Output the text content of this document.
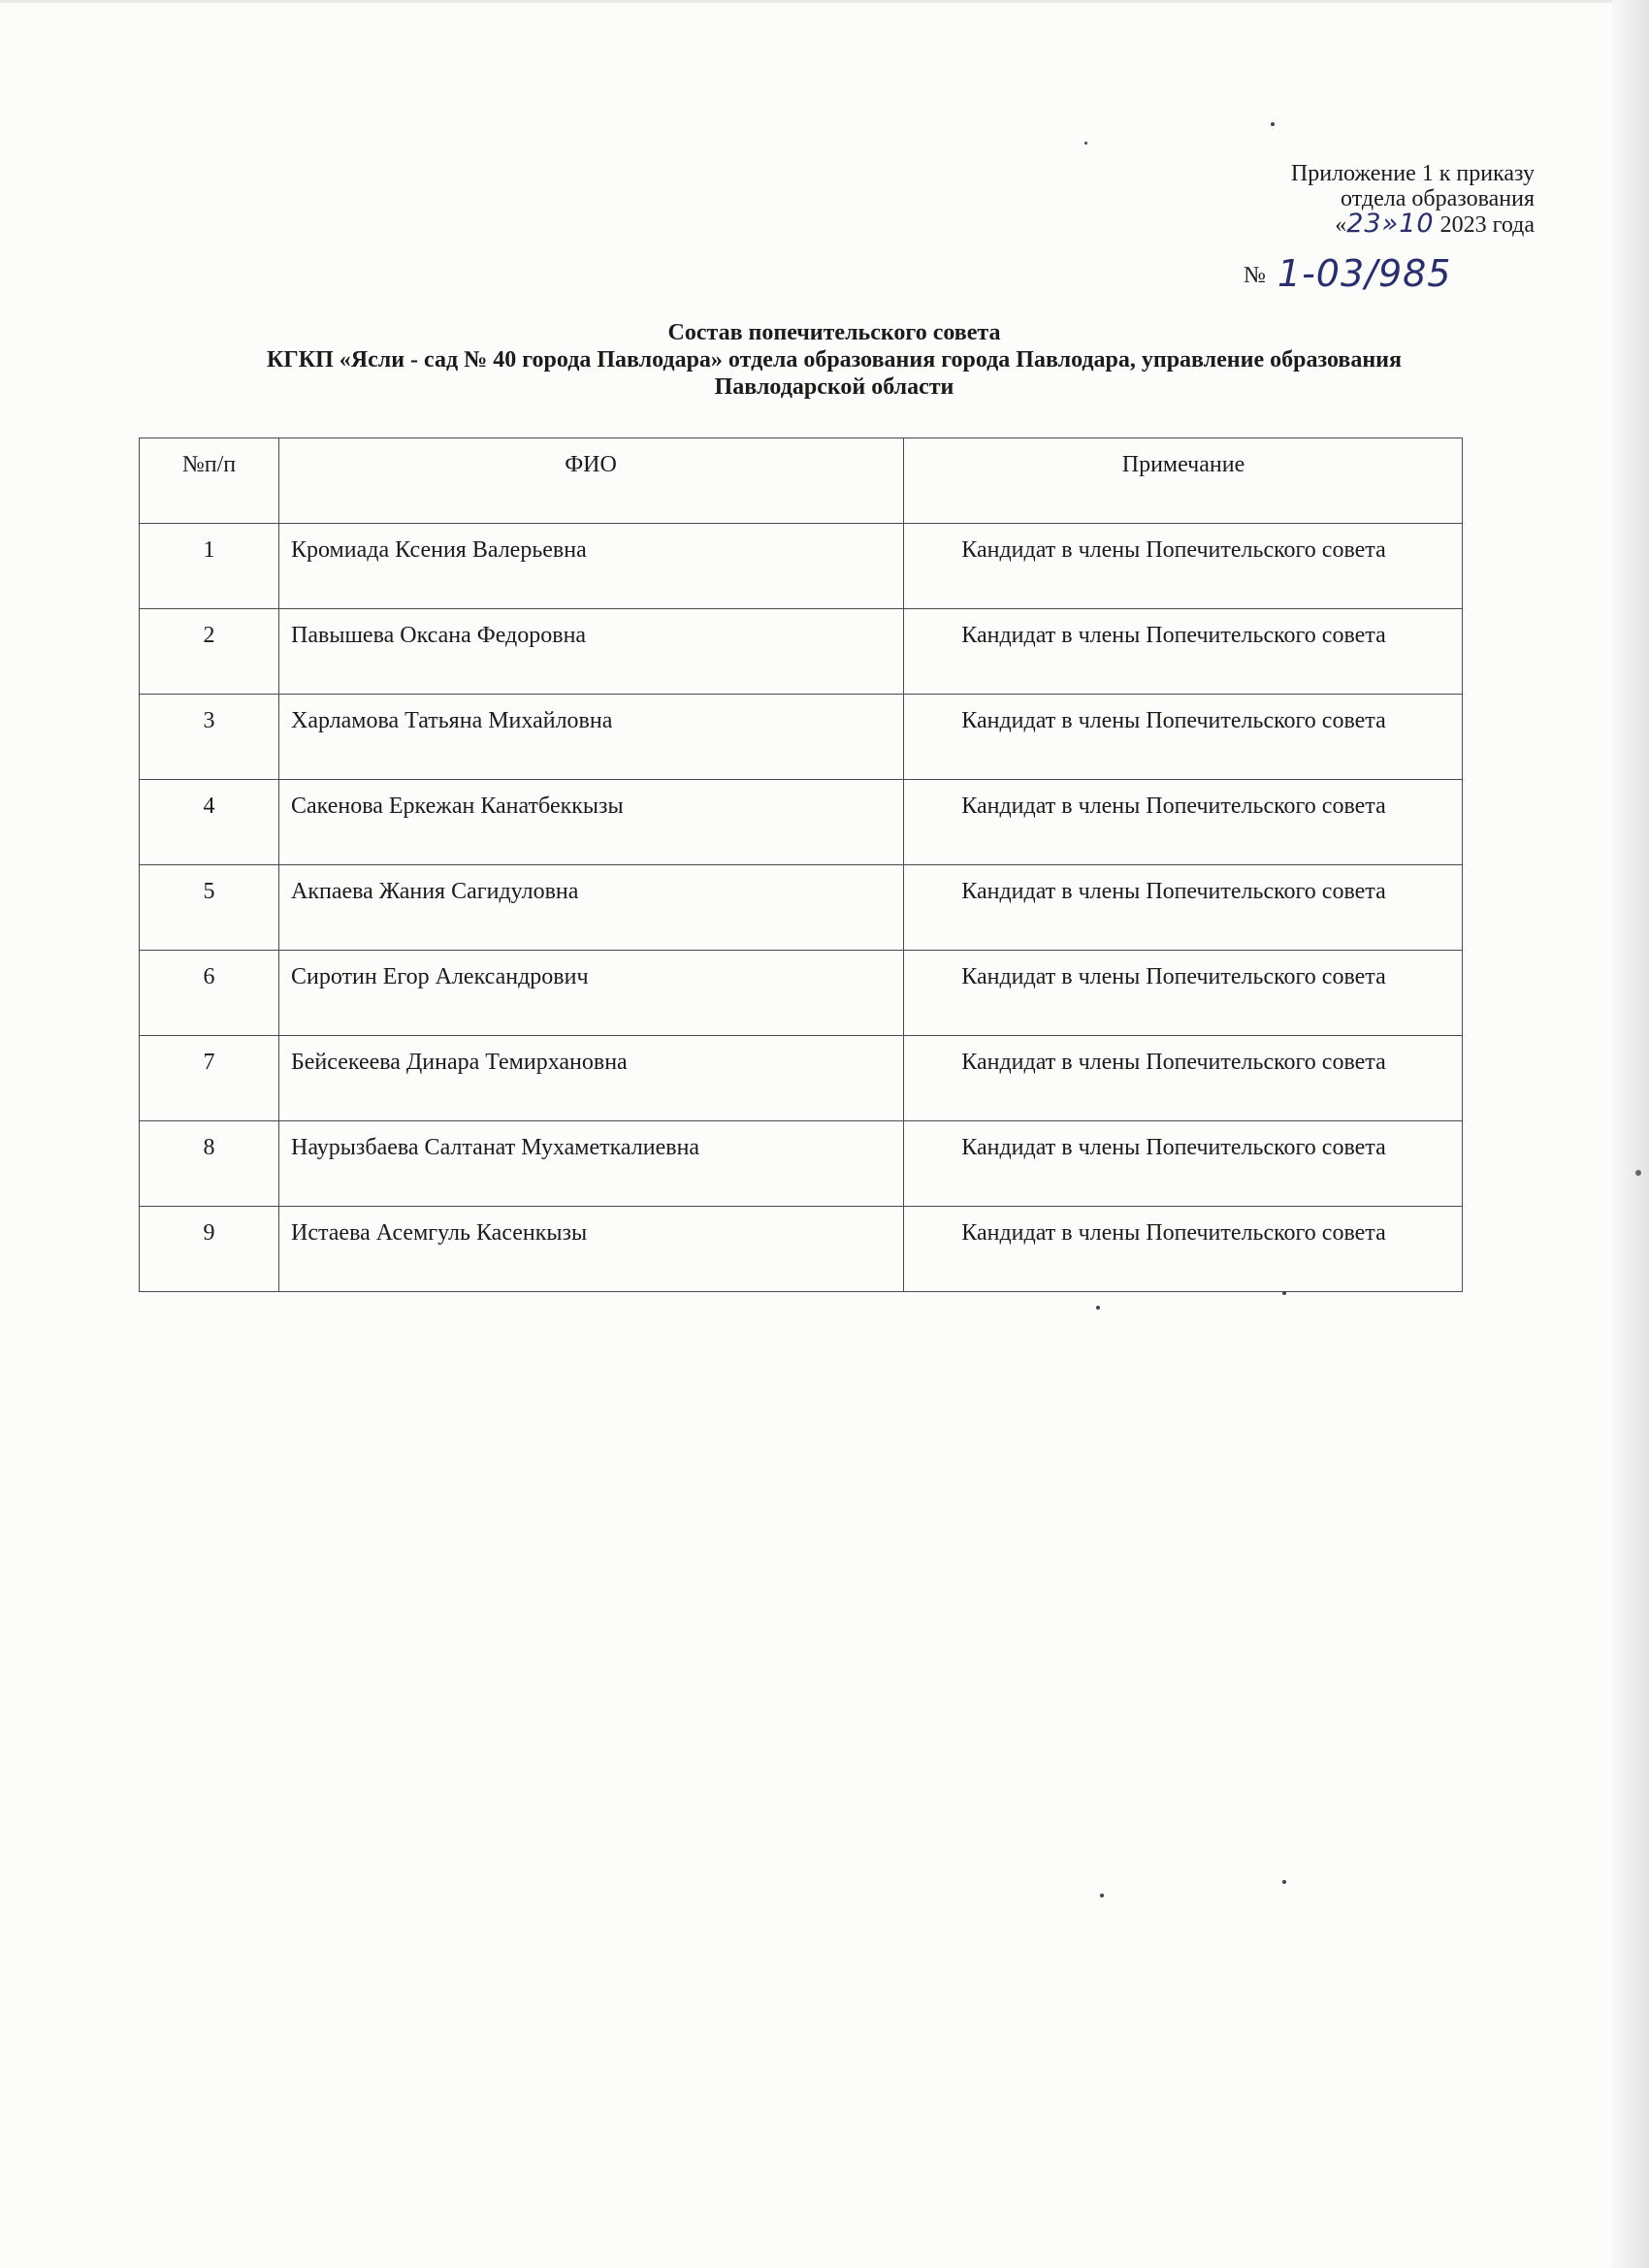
Приложение 1 к приказу
отдела образования
«23»10 2023 года
№ 1-03/985
Состав попечительского совета
КГКП «Ясли - сад № 40 города Павлодара» отдела образования города Павлодара, управление образования
Павлодарской области
№п/п	ФИО	Примечание
1	Кромиада Ксения Валерьевна	Кандидат в члены Попечительского совета
2	Павышева Оксана Федоровна	Кандидат в члены Попечительского совета
3	Харламова Татьяна Михайловна	Кандидат в члены Попечительского совета
4	Сакенова Еркежан Канатбеккызы	Кандидат в члены Попечительского совета
5	Акпаева Жания Сагидуловна	Кандидат в члены Попечительского совета
6	Сиротин Егор Александрович	Кандидат в члены Попечительского совета
7	Бейсекеева Динара Темирхановна	Кандидат в члены Попечительского совета
8	Наурызбаева Салтанат Мухаметкалиевна	Кандидат в члены Попечительского совета
9	Истаева Асемгуль Касенкызы	Кандидат в члены Попечительского совета
